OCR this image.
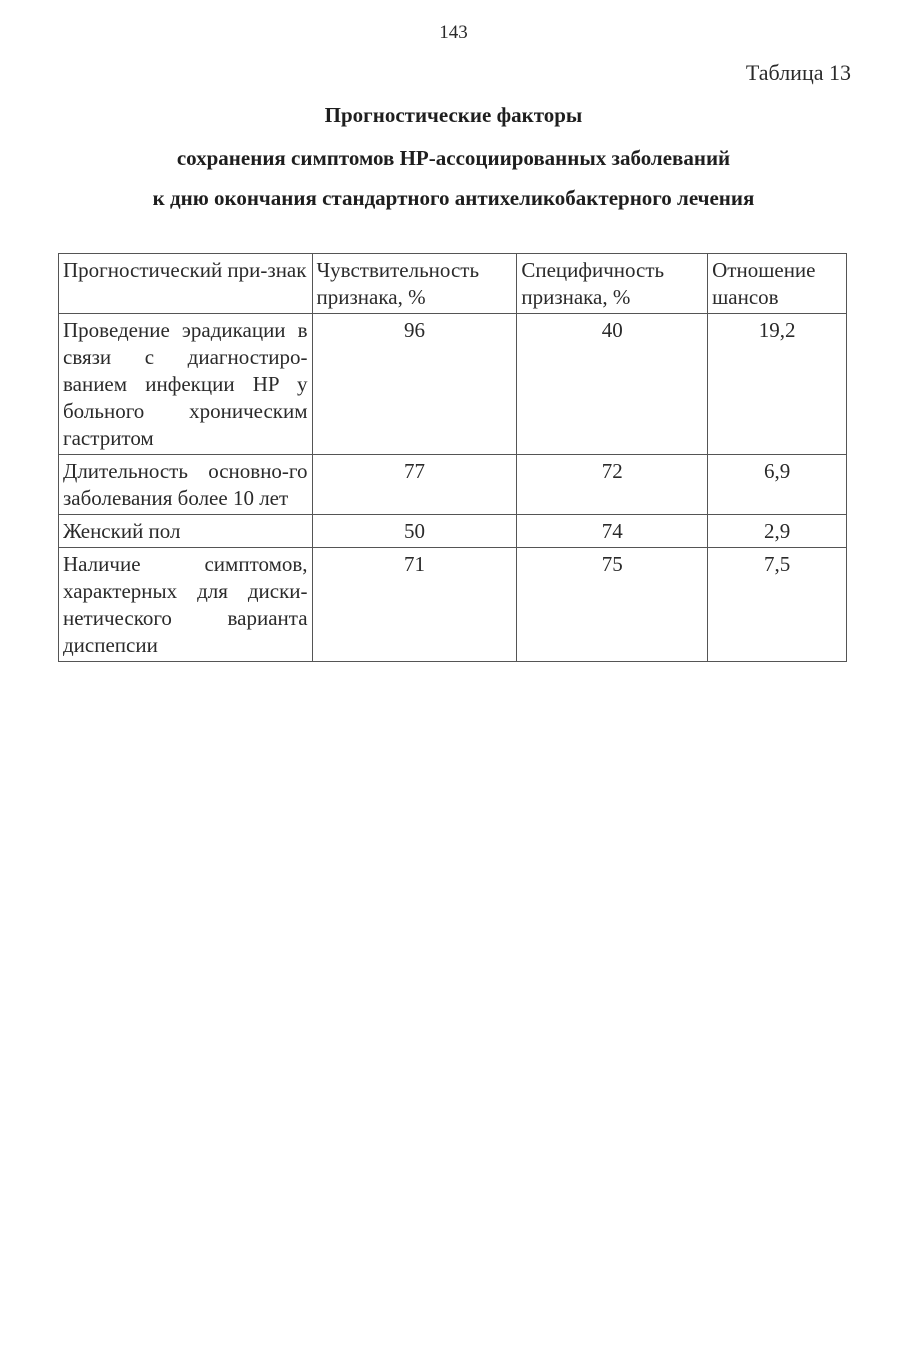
143
Таблица 13
Прогностические факторы
сохранения симптомов HP-ассоциированных заболеваний
к дню окончания стандартного антихеликобактерного лечения
Прогностический при-знак	Чувствительность признака, %	Специфичность признака, %	Отношение шансов
Проведение эрадикации в связи с диагностиро-ванием инфекции HP у больного хроническим гастритом	96	40	19,2
Длительность основно-го заболевания более 10 лет	77	72	6,9
Женский пол	50	74	2,9
Наличие симптомов, характерных для диски-нетического варианта диспепсии	71	75	7,5
